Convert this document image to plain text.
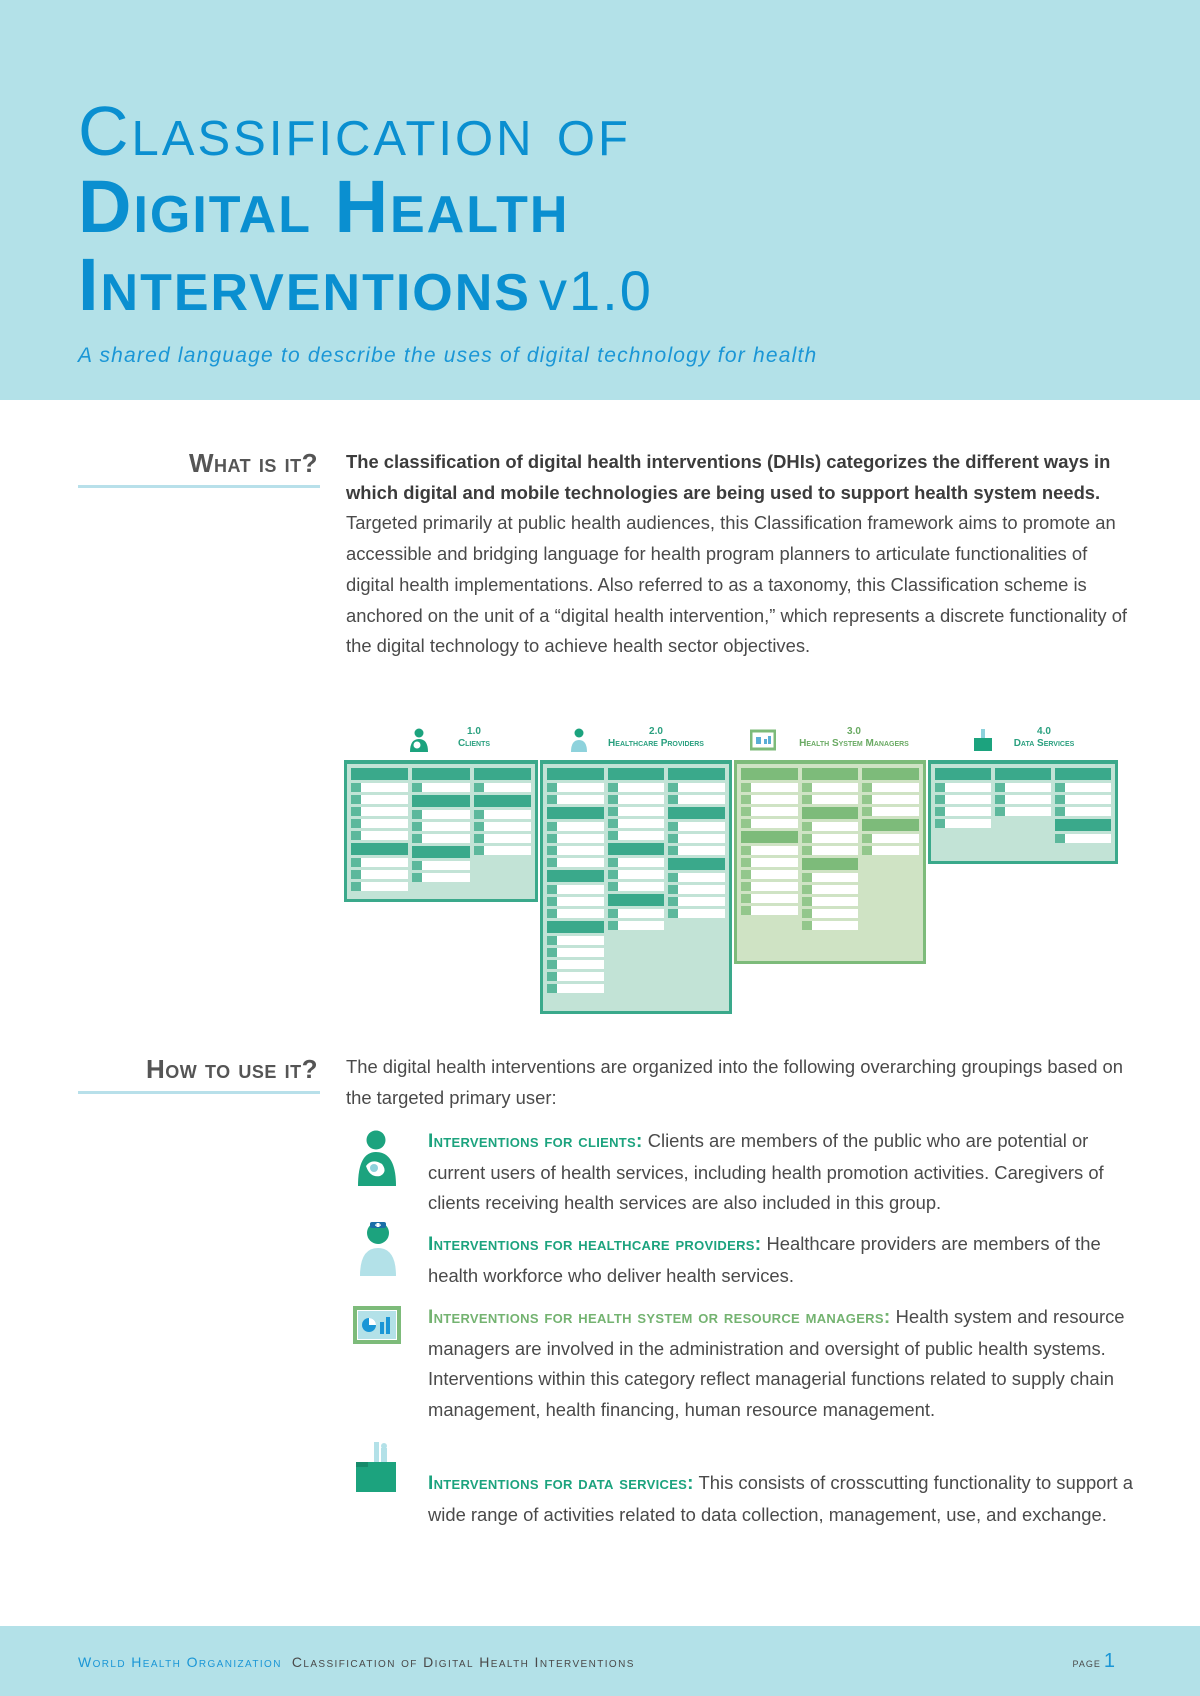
Classification of
Digital Health
Interventions v1.0
A shared language to describe the uses of digital technology for health
What is it? The classification of digital health interventions (DHIs) categorizes the different ways in which digital and mobile technologies are being used to support health system needs. Targeted primarily at public health audiences, this Classification framework aims to promote an accessible and bridging language for health program planners to articulate functionalities of digital health implementations. Also referred to as a taxonomy, this Classification scheme is anchored on the unit of a “digital health intervention,” which represents a discrete functionality of the digital technology to achieve health sector objectives.
1.0
Clients
2.0
Healthcare Providers
3.0
Health System Managers
4.0
Data Services
How to use it? The digital health interventions are organized into the following overarching groupings based on the targeted primary user:
Interventions for clients: Clients are members of the public who are potential or current users of health services, including health promotion activities. Caregivers of clients receiving health services are also included in this group.
Interventions for healthcare providers: Healthcare providers are members of the health workforce who deliver health services.
Interventions for health system or resource managers: Health system and resource managers are involved in the administration and oversight of public health systems. Interventions within this category reflect managerial functions related to supply chain management, health financing, human resource management.
Interventions for data services: This consists of crosscutting functionality to support a wide range of activities related to data collection, management, use, and exchange.
World Health Organization Classification of Digital Health Interventions	page 1
